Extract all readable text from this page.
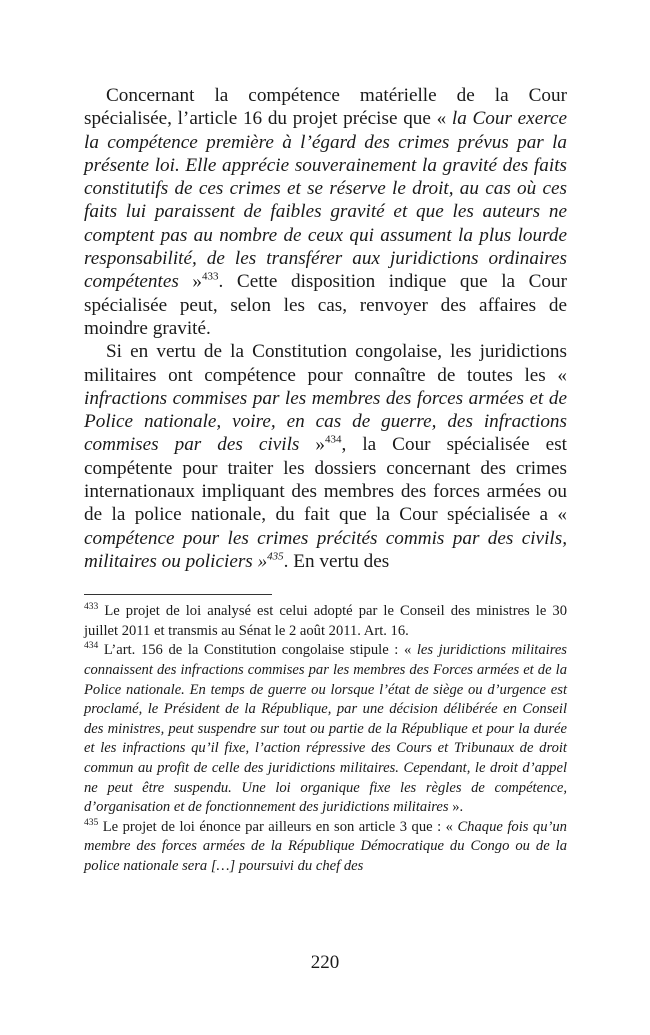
Concernant la compétence matérielle de la Cour spécialisée, l’article 16 du projet précise que « la Cour exerce la compétence première à l’égard des crimes prévus par la présente loi. Elle apprécie souverainement la gravité des faits constitutifs de ces crimes et se réserve le droit, au cas où ces faits lui paraissent de faibles gravité et que les auteurs ne comptent pas au nombre de ceux qui assument la plus lourde responsabilité, de les transférer aux juridictions ordinaires compétentes »$^{433}$. Cette disposition indique que la Cour spécialisée peut, selon les cas, renvoyer des affaires de moindre gravité.

Si en vertu de la Constitution congolaise, les juridictions militaires ont compétence pour connaître de toutes les « infractions commises par les membres des forces armées et de Police nationale, voire, en cas de guerre, des infractions commises par des civils »$^{434}$, la Cour spécialisée est compétente pour traiter les dossiers concernant des crimes internationaux impliquant des membres des forces armées ou de la police nationale, du fait que la Cour spécialisée a « compétence pour les crimes précités commis par des civils, militaires ou policiers »$^{435}$. En vertu des

$^{433}$ Le projet de loi analysé est celui adopté par le Conseil des ministres le 30 juillet 2011 et transmis au Sénat le 2 août 2011. Art. 16.

$^{434}$ L’art. 156 de la Constitution congolaise stipule : « les juridictions militaires connaissent des infractions commises par les membres des Forces armées et de la Police nationale. En temps de guerre ou lorsque l’état de siège ou d’urgence est proclamé, le Président de la République, par une décision délibérée en Conseil des ministres, peut suspendre sur tout ou partie de la République et pour la durée et les infractions qu’il fixe, l’action répressive des Cours et Tribunaux de droit commun au profit de celle des juridictions militaires. Cependant, le droit d’appel ne peut être suspendu. Une loi organique fixe les règles de compétence, d’organisation et de fonctionnement des juridictions militaires ».

$^{435}$ Le projet de loi énonce par ailleurs en son article 3 que : « Chaque fois qu’un membre des forces armées de la République Démocratique du Congo ou de la police nationale sera […] poursuivi du chef des

220
